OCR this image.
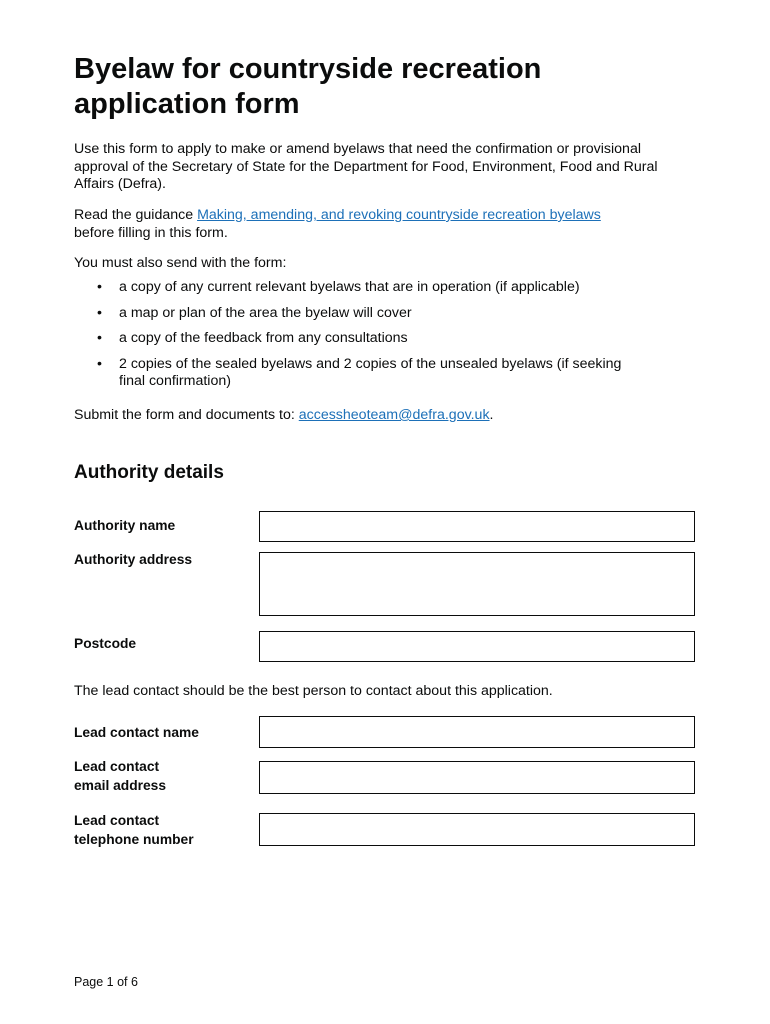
Byelaw for countryside recreation application form

Use this form to apply to make or amend byelaws that need the confirmation or provisional approval of the Secretary of State for the Department for Food, Environment, Food and Rural Affairs (Defra).

Read the guidance Making, amending, and revoking countryside recreation byelaws
before filling in this form.

You must also send with the form:

• a copy of any current relevant byelaws that are in operation (if applicable)
• a map or plan of the area the byelaw will cover
• a copy of the feedback from any consultations
• 2 copies of the sealed byelaws and 2 copies of the unsealed byelaws (if seeking final confirmation)

Submit the form and documents to: accessheoteam@defra.gov.uk.

Authority details
Authority name
Authority address
Postcode

The lead contact should be the best person to contact about this application.

Lead contact name
Lead contact
email address
Lead contact
telephone number
Page 1 of 6
